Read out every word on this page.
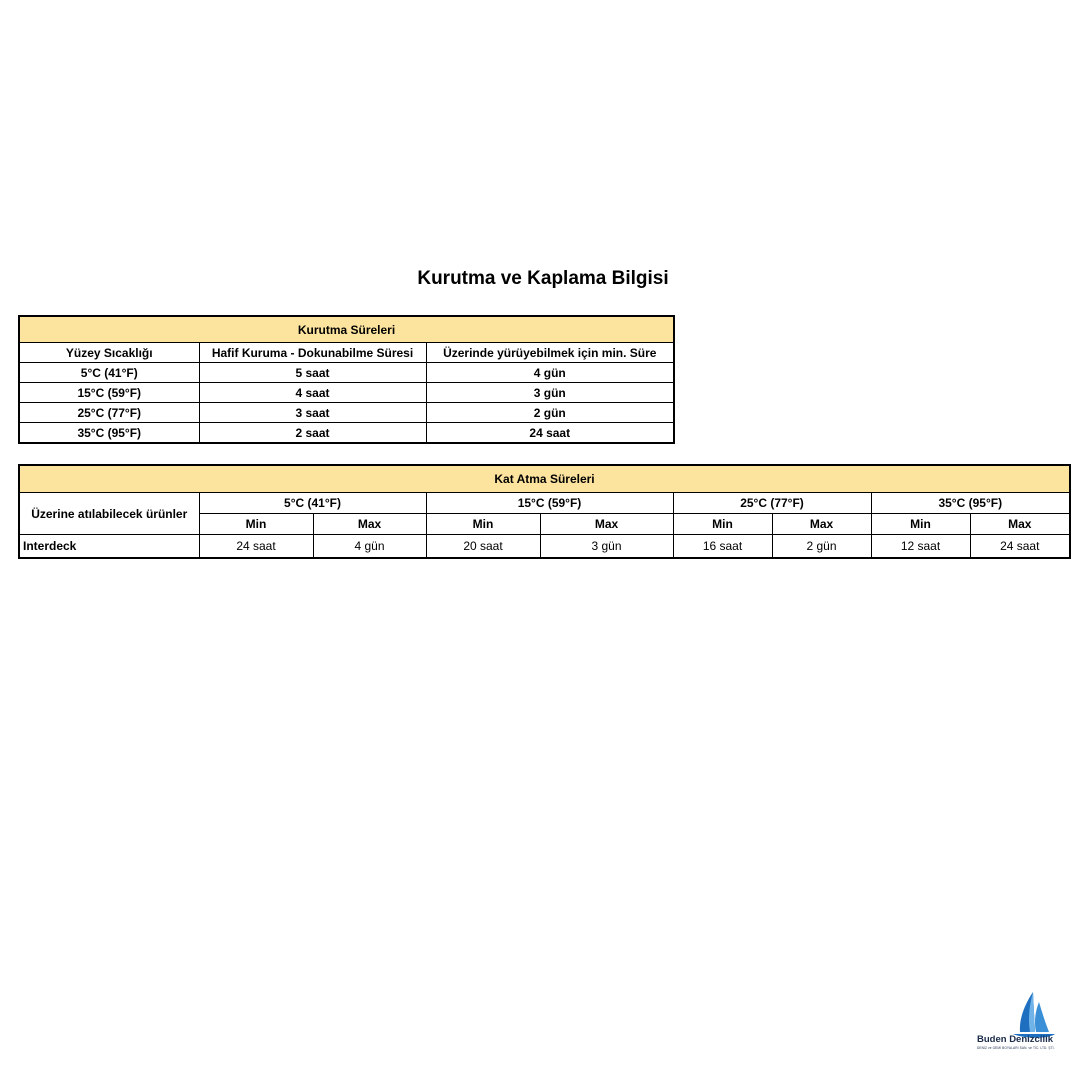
Kurutma ve Kaplama Bilgisi
Kurutma Süreleri		
Yüzey Sıcaklığı	Hafif Kuruma - Dokunabilme Süresi	Üzerinde yürüyebilmek için min. Süre
5°C (41°F)	5 saat	4 gün
15°C (59°F)	4 saat	3 gün
25°C (77°F)	3 saat	2 gün
35°C (95°F)	2 saat	24 saat
Kat Atma Süreleri								
Üzerine atılabilecek ürünler	5°C (41°F)		15°C (59°F)		25°C (77°F)		35°C (95°F)	
	Min	Max	Min	Max	Min	Max	Min	Max
Interdeck	24 saat	4 gün	20 saat	3 gün	16 saat	2 gün	12 saat	24 saat
Buden Denizcilik
DENİZ ve GEMİ BOYALARI SAN. ve TİC. LTD. ŞTİ.
